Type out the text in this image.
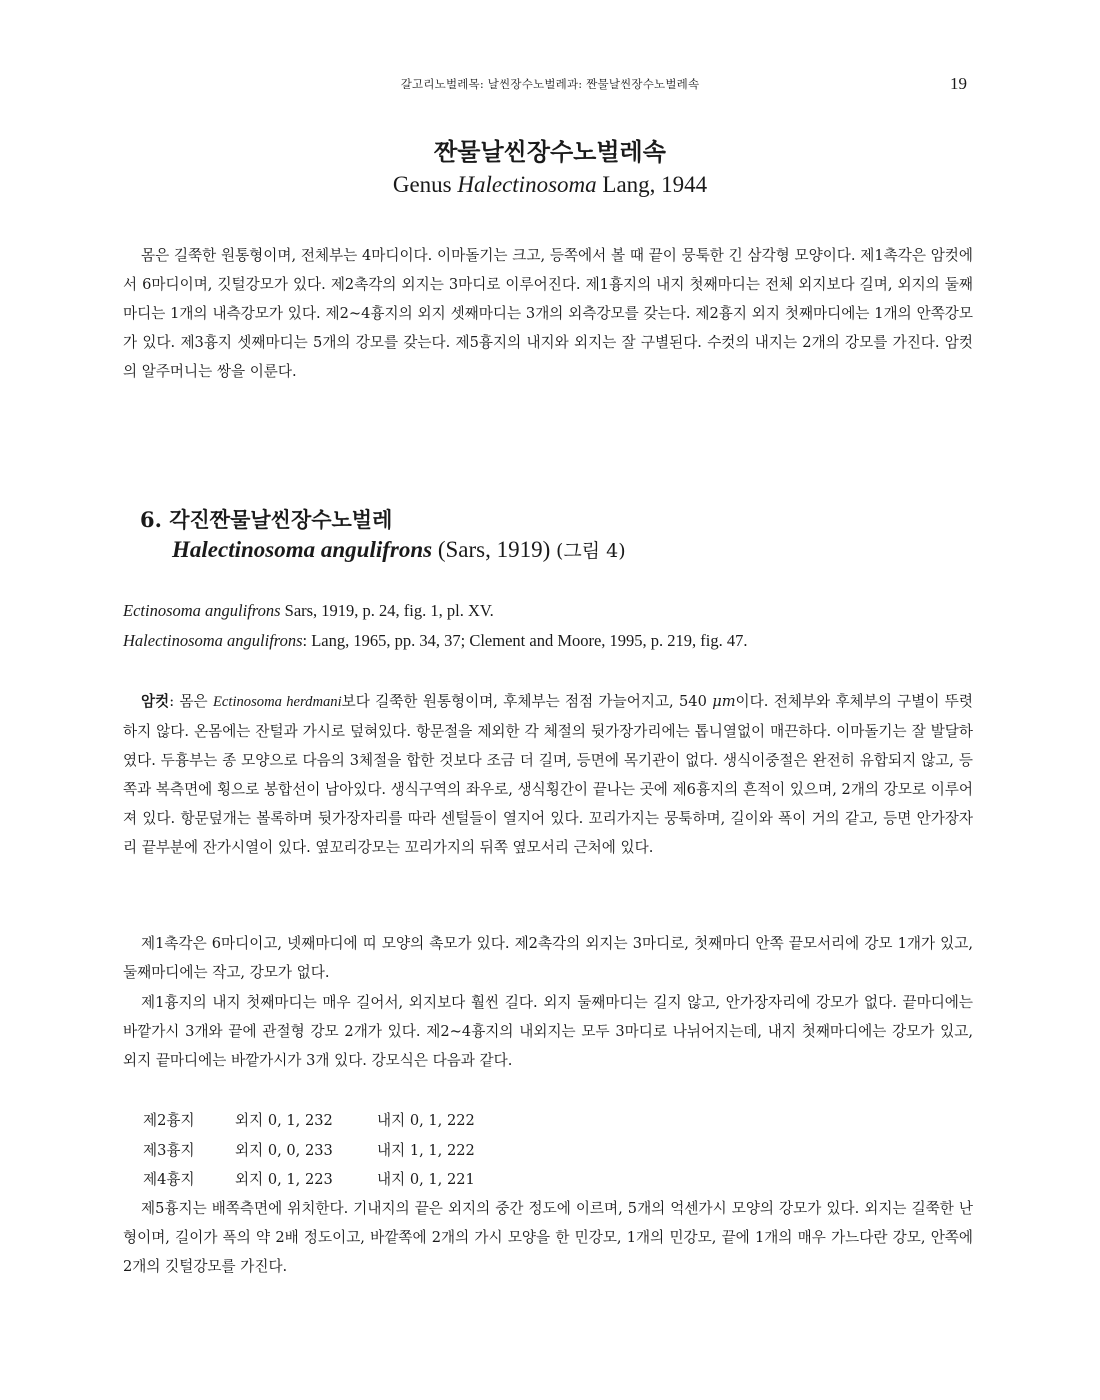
갈고리노벌레목: 날씬장수노벌레과: 짠물날씬장수노벌레속	19
짠물날씬장수노벌레속
Genus Halectinosoma Lang, 1944

몸은 길쭉한 원통형이며, 전체부는 4마디이다. 이마돌기는 크고, 등쪽에서 볼 때 끝이 뭉툭한 긴 삼각형 모양이다. 제1촉각은 암컷에서 6마디이며, 깃털강모가 있다. 제2촉각의 외지는 3마디로 이루어진다. 제1흉지의 내지 첫째마디는 전체 외지보다 길며, 외지의 둘째마디는 1개의 내측강모가 있다. 제2~4흉지의 외지 셋째마디는 3개의 외측강모를 갖는다. 제2흉지 외지 첫째마디에는 1개의 안쪽강모가 있다. 제3흉지 셋째마디는 5개의 강모를 갖는다. 제5흉지의 내지와 외지는 잘 구별된다. 수컷의 내지는 2개의 강모를 가진다. 암컷의 알주머니는 쌍을 이룬다.

6. 각진짠물날씬장수노벌레
Halectinosoma angulifrons (Sars, 1919) (그림 4)
Ectinosoma angulifrons Sars, 1919, p. 24, fig. 1, pl. XV.
Halectinosoma angulifrons: Lang, 1965, pp. 34, 37; Clement and Moore, 1995, p. 219, fig. 47.

암컷: 몸은 Ectinosoma herdmani보다 길쭉한 원통형이며, 후체부는 점점 가늘어지고, 540 μm이다. 전체부와 후체부의 구별이 뚜렷하지 않다. 온몸에는 잔털과 가시로 덮혀있다. 항문절을 제외한 각 체절의 뒷가장가리에는 톱니열없이 매끈하다. 이마돌기는 잘 발달하였다. 두흉부는 종 모양으로 다음의 3체절을 합한 것보다 조금 더 길며, 등면에 목기관이 없다. 생식이중절은 완전히 유합되지 않고, 등쪽과 복측면에 횡으로 봉합선이 남아있다. 생식구역의 좌우로, 생식횡간이 끝나는 곳에 제6흉지의 흔적이 있으며, 2개의 강모로 이루어져 있다. 항문덮개는 볼록하며 뒷가장자리를 따라 센털들이 열지어 있다. 꼬리가지는 뭉툭하며, 길이와 폭이 거의 같고, 등면 안가장자리 끝부분에 잔가시열이 있다. 옆꼬리강모는 꼬리가지의 뒤쪽 옆모서리 근처에 있다.

제1촉각은 6마디이고, 넷째마디에 띠 모양의 촉모가 있다. 제2촉각의 외지는 3마디로, 첫째마디 안쪽 끝모서리에 강모 1개가 있고, 둘째마디에는 작고, 강모가 없다.

제1흉지의 내지 첫째마디는 매우 길어서, 외지보다 훨씬 길다. 외지 둘째마디는 길지 않고, 안가장자리에 강모가 없다. 끝마디에는 바깥가시 3개와 끝에 관절형 강모 2개가 있다. 제2~4흉지의 내외지는 모두 3마디로 나뉘어지는데, 내지 첫째마디에는 강모가 있고, 외지 끝마디에는 바깥가시가 3개 있다. 강모식은 다음과 같다.

제2흉지	외지 0, 1, 232	내지 0, 1, 222
제3흉지	외지 0, 0, 233	내지 1, 1, 222
제4흉지	외지 0, 1, 223	내지 0, 1, 221

제5흉지는 배쪽측면에 위치한다. 기내지의 끝은 외지의 중간 정도에 이르며, 5개의 억센가시 모양의 강모가 있다. 외지는 길쭉한 난형이며, 길이가 폭의 약 2배 정도이고, 바깥쪽에 2개의 가시 모양을 한 민강모, 1개의 민강모, 끝에 1개의 매우 가느다란 강모, 안쪽에 2개의 깃털강모를 가진다.
